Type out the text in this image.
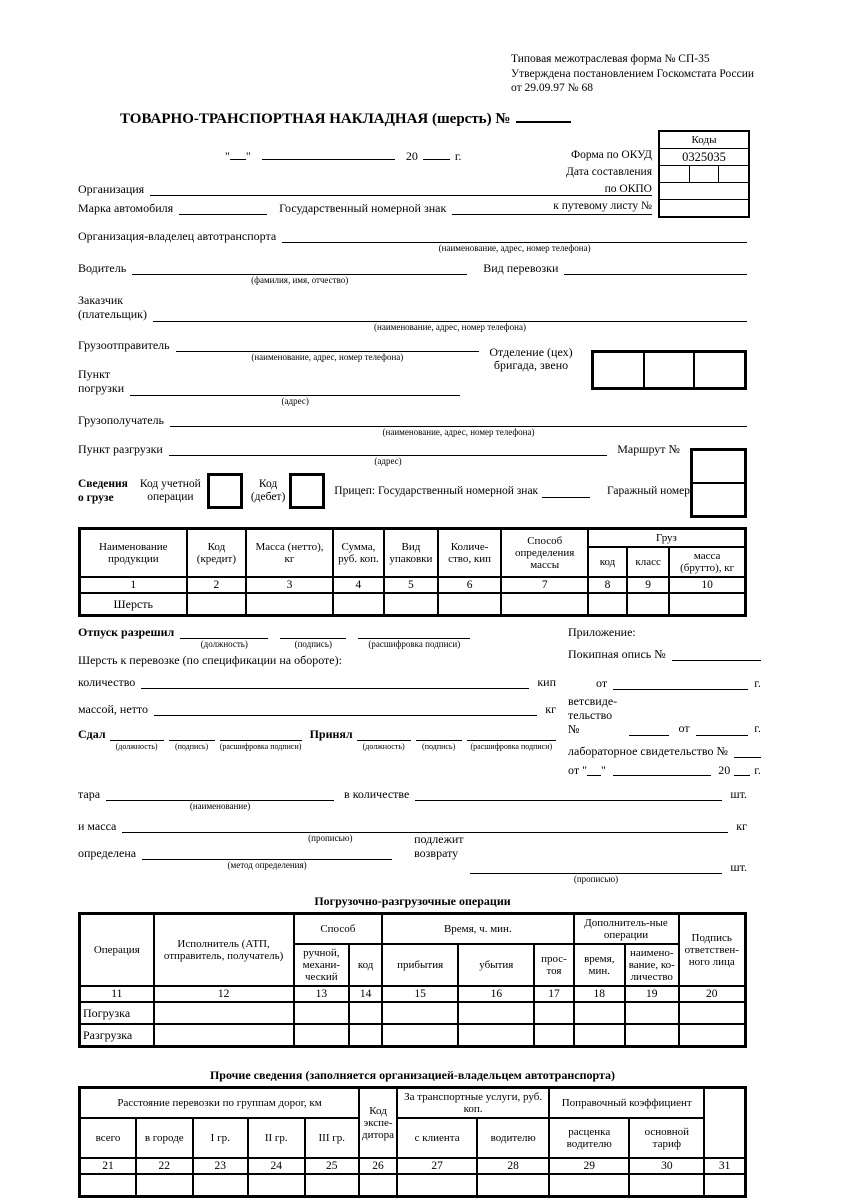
Типовая межотраслевая форма № СП-35
Утверждена постановлением Госкомстата России
от 29.09.97 № 68
ТОВАРНО-ТРАНСПОРТНАЯ НАКЛАДНАЯ (шерсть) №
Коды
0325035
Форма по ОКУД
Дата составления
по ОКПО
к путевому листу №
" "	20	г.
Организация
Марка автомобиля	Государственный номерной знак
Организация-владелец автотранспорта
(наименование, адрес, номер телефона)
Водитель
(фамилия, имя, отчество)
Вид перевозки
Заказчик
(плательщик)
(наименование, адрес, номер телефона)
Грузоотправитель
(наименование, адрес, номер телефона)
Пункт
погрузки
(адрес)
Отделение (цех)
бригада, звено
Грузополучатель
(наименование, адрес, номер телефона)
Пункт разгрузки
(адрес)
Маршрут №
Сведения
о грузе
Код учетной
операции
Код
(дебет)	Прицеп: Государственный номерной знак	Гаражный номер
Наименование продукции	Код (кредит)	Масса (нетто), кг	Сумма, руб. коп.	Вид упаковки	Количе-ство, кип	Способ определения массы	Груз		
							код	класс	масса (брутто), кг
1	2	3	4	5	6	7	8	9	10
Шерсть									
Отпуск разрешил
(должность)	(подпись)	(расшифровка подписи)
Шерсть к перевозке (по спецификации на обороте):
количество	кип
массой, нетто	кг
Сдал
(должность)	(подпись)	(расшифровка подписи)
Принял
(должность)	(подпись)	(расшифровка подписи)
Приложение:
Покипная опись №
от	г.
ветсвиде-
тельство №	от	г.
лабораторное свидетельство №
от " "	20 г.
тара
(наименование)
в количестве	шт.
и масса
(прописью)
кг
определена
(метод определения)
подлежит
возврату
(прописью)
шт.
Погрузочно-разгрузочные операции
Операция	Исполнитель (АТП, отправитель, получатель)	Способ		Время, ч. мин.			Дополнитель-ные операции		Подпись ответствен-ного лица
		ручной, механи-ческий	код	прибытия	убытия	прос-тоя	время, мин.	наимено-вание, ко-личество	
11	12	13	14	15	16	17	18	19	20
Погрузка									
Разгрузка									
Прочие сведения (заполняется организацией-владельцем автотранспорта)
Расстояние перевозки по группам дорог, км					Код экспе-дитора	За транспортные услуги, руб. коп.		Поправочный коэффициент		
всего	в городе	I гр.	II гр.	III гр.		с клиента	водителю	расценка водителю	основной тариф	
21	22	23	24	25	26	27	28	29	30	31
